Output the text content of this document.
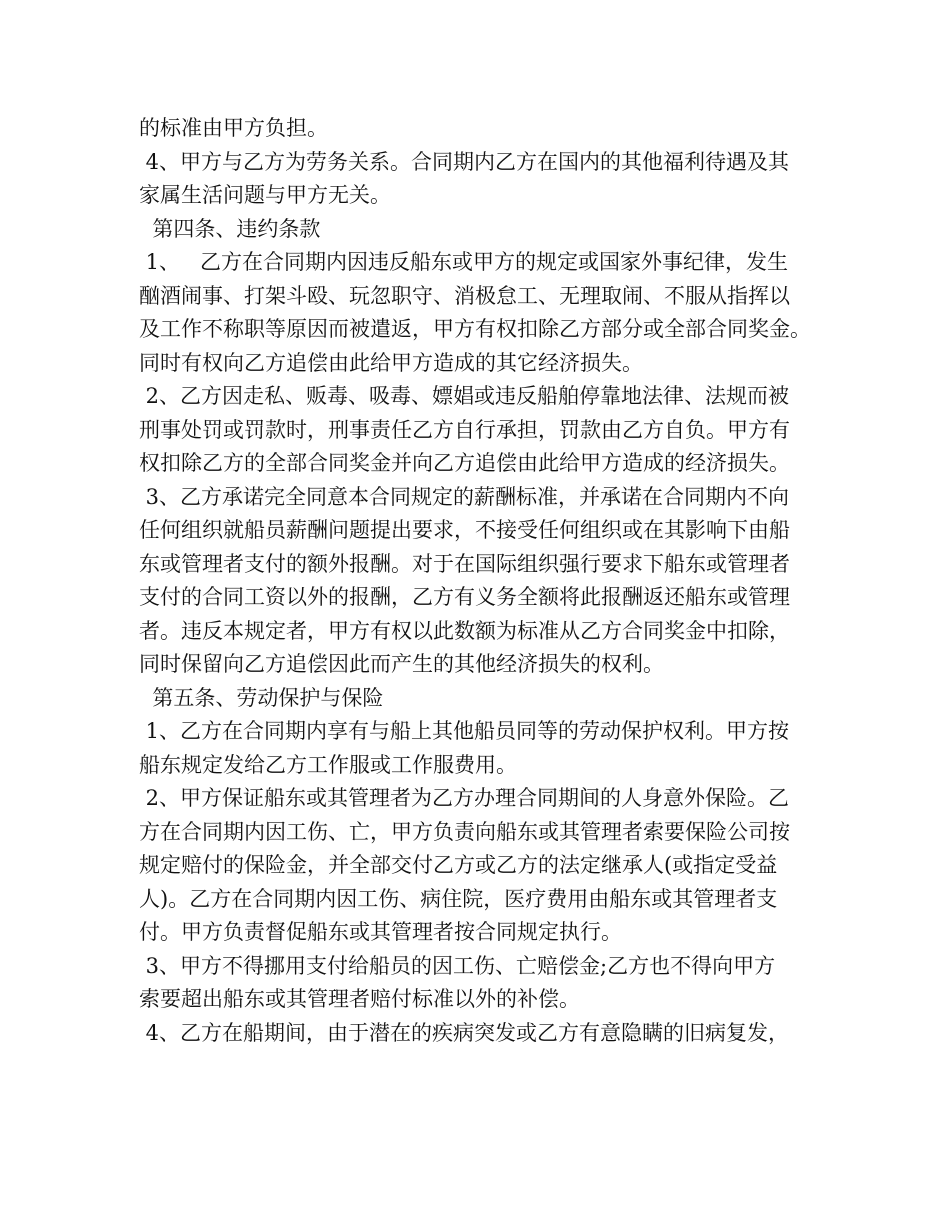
的标准由甲方负担。
4、甲方与乙方为劳务关系。合同期内乙方在国内的其他福利待遇及其
家属生活问题与甲方无关。
第四条、违约条款
1、   乙方在合同期内因违反船东或甲方的规定或国家外事纪律，发生
酗酒闹事、打架斗殴、玩忽职守、消极怠工、无理取闹、不服从指挥以
及工作不称职等原因而被遣返，甲方有权扣除乙方部分或全部合同奖金。
同时有权向乙方追偿由此给甲方造成的其它经济损失。
2、乙方因走私、贩毒、吸毒、嫖娼或违反船舶停靠地法律、法规而被
刑事处罚或罚款时，刑事责任乙方自行承担，罚款由乙方自负。甲方有
权扣除乙方的全部合同奖金并向乙方追偿由此给甲方造成的经济损失。
3、乙方承诺完全同意本合同规定的薪酬标准，并承诺在合同期内不向
任何组织就船员薪酬问题提出要求，不接受任何组织或在其影响下由船
东或管理者支付的额外报酬。对于在国际组织强行要求下船东或管理者
支付的合同工资以外的报酬，乙方有义务全额将此报酬返还船东或管理
者。违反本规定者，甲方有权以此数额为标准从乙方合同奖金中扣除，
同时保留向乙方追偿因此而产生的其他经济损失的权利。
第五条、劳动保护与保险
1、乙方在合同期内享有与船上其他船员同等的劳动保护权利。甲方按
船东规定发给乙方工作服或工作服费用。
2、甲方保证船东或其管理者为乙方办理合同期间的人身意外保险。乙
方在合同期内因工伤、亡，甲方负责向船东或其管理者索要保险公司按
规定赔付的保险金，并全部交付乙方或乙方的法定继承人(或指定受益
人)。乙方在合同期内因工伤、病住院，医疗费用由船东或其管理者支
付。甲方负责督促船东或其管理者按合同规定执行。
3、甲方不得挪用支付给船员的因工伤、亡赔偿金;乙方也不得向甲方
索要超出船东或其管理者赔付标准以外的补偿。
4、乙方在船期间，由于潜在的疾病突发或乙方有意隐瞒的旧病复发，
